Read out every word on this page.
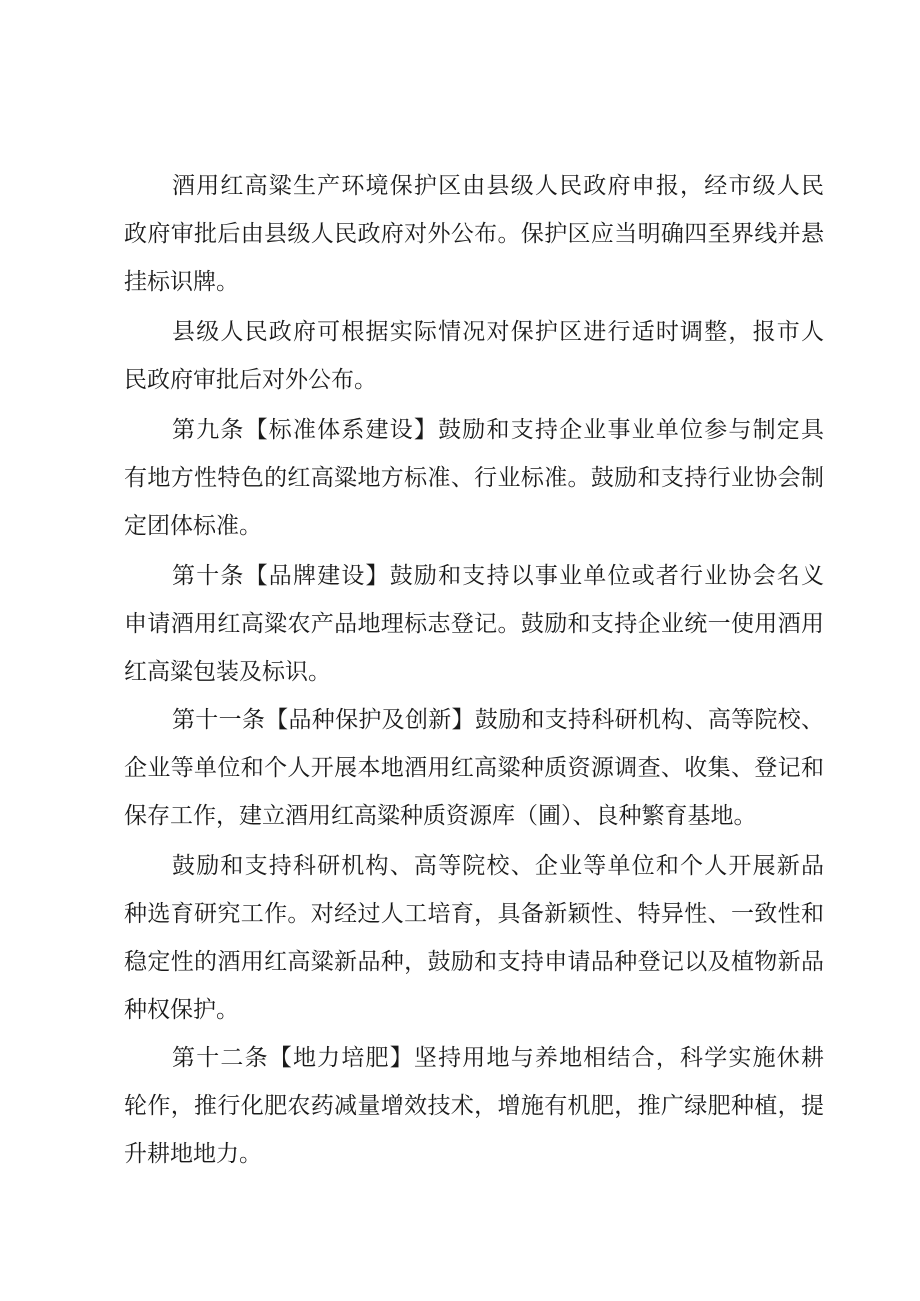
酒用红高粱生产环境保护区由县级人民政府申报，经市级人民
政府审批后由县级人民政府对外公布。保护区应当明确四至界线并悬
挂标识牌。
县级人民政府可根据实际情况对保护区进行适时调整，报市人
民政府审批后对外公布。
第九条【标准体系建设】鼓励和支持企业事业单位参与制定具
有地方性特色的红高粱地方标准、行业标准。鼓励和支持行业协会制
定团体标准。
第十条【品牌建设】鼓励和支持以事业单位或者行业协会名义
申请酒用红高粱农产品地理标志登记。鼓励和支持企业统一使用酒用
红高粱包装及标识。
第十一条【品种保护及创新】鼓励和支持科研机构、高等院校、
企业等单位和个人开展本地酒用红高粱种质资源调查、收集、登记和
保存工作，建立酒用红高粱种质资源库（圃）、良种繁育基地。
鼓励和支持科研机构、高等院校、企业等单位和个人开展新品
种选育研究工作。对经过人工培育，具备新颖性、特异性、一致性和
稳定性的酒用红高粱新品种，鼓励和支持申请品种登记以及植物新品
种权保护。
第十二条【地力培肥】坚持用地与养地相结合，科学实施休耕
轮作，推行化肥农药减量增效技术，增施有机肥，推广绿肥种植，提
升耕地地力。
